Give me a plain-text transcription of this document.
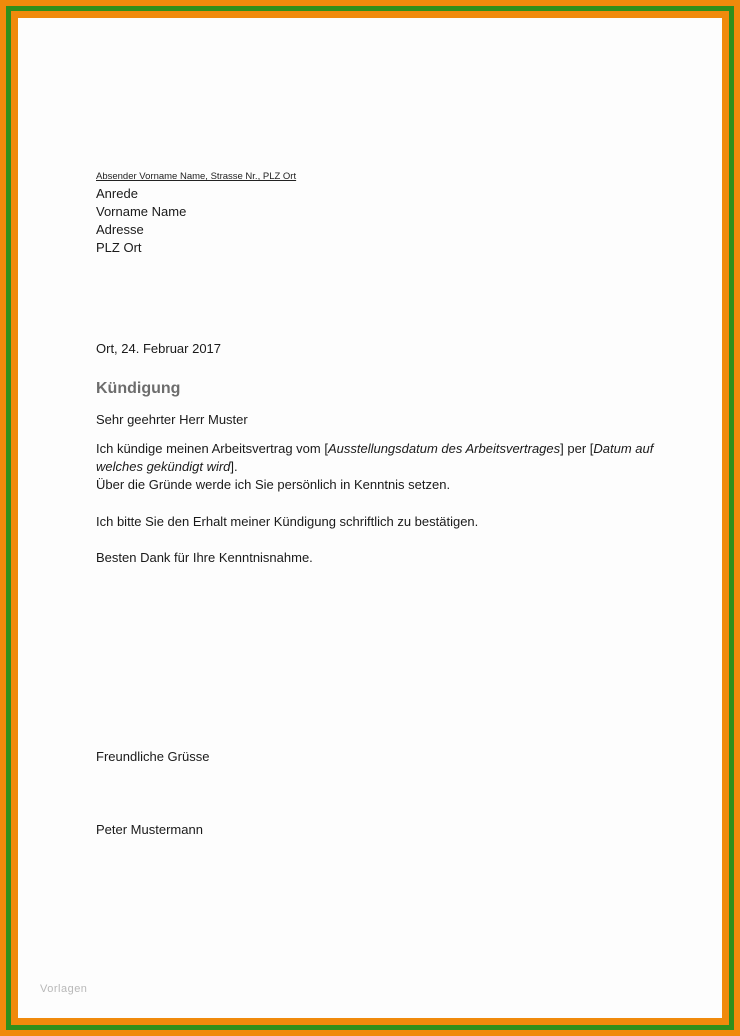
Absender Vorname Name, Strasse Nr., PLZ Ort
Anrede
Vorname Name
Adresse
PLZ Ort
Ort, 24. Februar 2017
Kündigung
Sehr geehrter Herr Muster
Ich kündige meinen Arbeitsvertrag vom [Ausstellungsdatum des Arbeitsvertrages] per [Datum auf welches gekündigt wird].
Über die Gründe werde ich Sie persönlich in Kenntnis setzen.
Ich bitte Sie den Erhalt meiner Kündigung schriftlich zu bestätigen.
Besten Dank für Ihre Kenntnisnahme.
Freundliche Grüsse
Peter Mustermann
Vorlagen
